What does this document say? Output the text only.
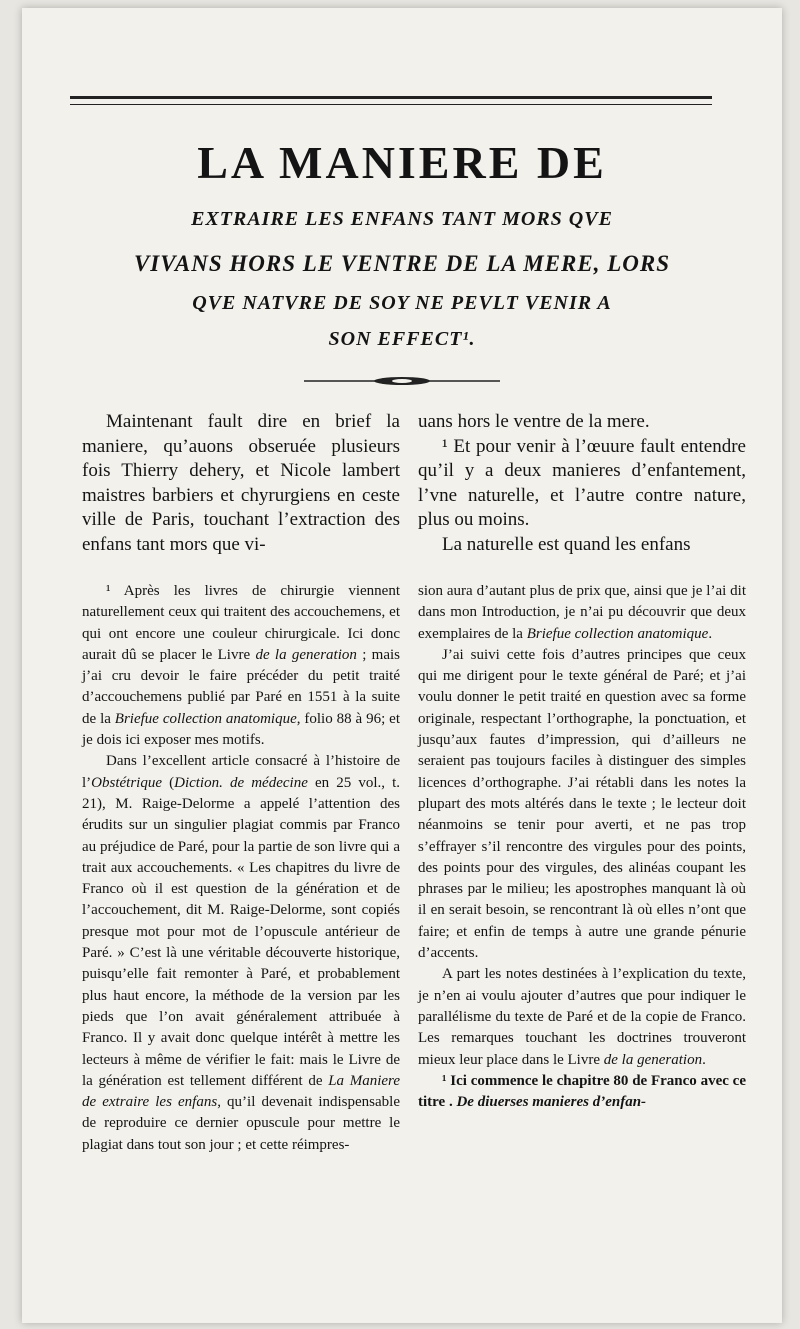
LA MANIERE DE
EXTRAIRE LES ENFANS TANT MORS QVE
VIVANS HORS LE VENTRE DE LA MERE, LORS
QVE NATVRE DE SOY NE PEVLT VENIR A
SON EFFECT¹.

Maintenant fault dire en brief la maniere, qu’auons obseruée plusieurs fois Thierry dehery, et Nicole lambert maistres barbiers et chyrurgiens en ceste ville de Paris, touchant l’extraction des enfans tant mors que vi-

¹ Après les livres de chirurgie viennent naturellement ceux qui traitent des accouchemens, et qui ont encore une couleur chirurgicale. Ici donc aurait dû se placer le Livre de la generation ; mais j’ai cru devoir le faire précéder du petit traité d’accouchemens publié par Paré en 1551 à la suite de la Briefue collection anatomique, folio 88 à 96; et je dois ici exposer mes motifs.

Dans l’excellent article consacré à l’histoire de l’Obstétrique (Diction. de médecine en 25 vol., t. 21), M. Raige-Delorme a appelé l’attention des érudits sur un singulier plagiat commis par Franco au préjudice de Paré, pour la partie de son livre qui a trait aux accouchements. « Les chapitres du livre de Franco où il est question de la génération et de l’accouchement, dit M. Raige-Delorme, sont copiés presque mot pour mot de l’opuscule antérieur de Paré. » C’est là une véritable découverte historique, puisqu’elle fait remonter à Paré, et probablement plus haut encore, la méthode de la version par les pieds que l’on avait généralement attribuée à Franco. Il y avait donc quelque intérêt à mettre les lecteurs à même de vérifier le fait: mais le Livre de la génération est tellement différent de La Maniere de extraire les enfans, qu’il devenait indispensable de reproduire ce dernier opuscule pour mettre le plagiat dans tout son jour ; et cette réimpres-

uans hors le ventre de la mere.

¹ Et pour venir à l’œuure fault entendre qu’il y a deux manieres d’enfantement, l’vne naturelle, et l’autre contre nature, plus ou moins.

La naturelle est quand les enfans

sion aura d’autant plus de prix que, ainsi que je l’ai dit dans mon Introduction, je n’ai pu découvrir que deux exemplaires de la Briefue collection anatomique.

J’ai suivi cette fois d’autres principes que ceux qui me dirigent pour le texte général de Paré; et j’ai voulu donner le petit traité en question avec sa forme originale, respectant l’orthographe, la ponctuation, et jusqu’aux fautes d’impression, qui d’ailleurs ne seraient pas toujours faciles à distinguer des simples licences d’orthographe. J’ai rétabli dans les notes la plupart des mots altérés dans le texte ; le lecteur doit néanmoins se tenir pour averti, et ne pas trop s’effrayer s’il rencontre des virgules pour des points, des points pour des virgules, des alinéas coupant les phrases par le milieu; les apostrophes manquant là où il en serait besoin, se rencontrant là où elles n’ont que faire; et enfin de temps à autre une grande pénurie d’accents.

A part les notes destinées à l’explication du texte, je n’en ai voulu ajouter d’autres que pour indiquer le parallélisme du texte de Paré et de la copie de Franco. Les remarques touchant les doctrines trouveront mieux leur place dans le Livre de la generation.

¹ Ici commence le chapitre 80 de Franco avec ce titre . De diuerses manieres d’enfan-
